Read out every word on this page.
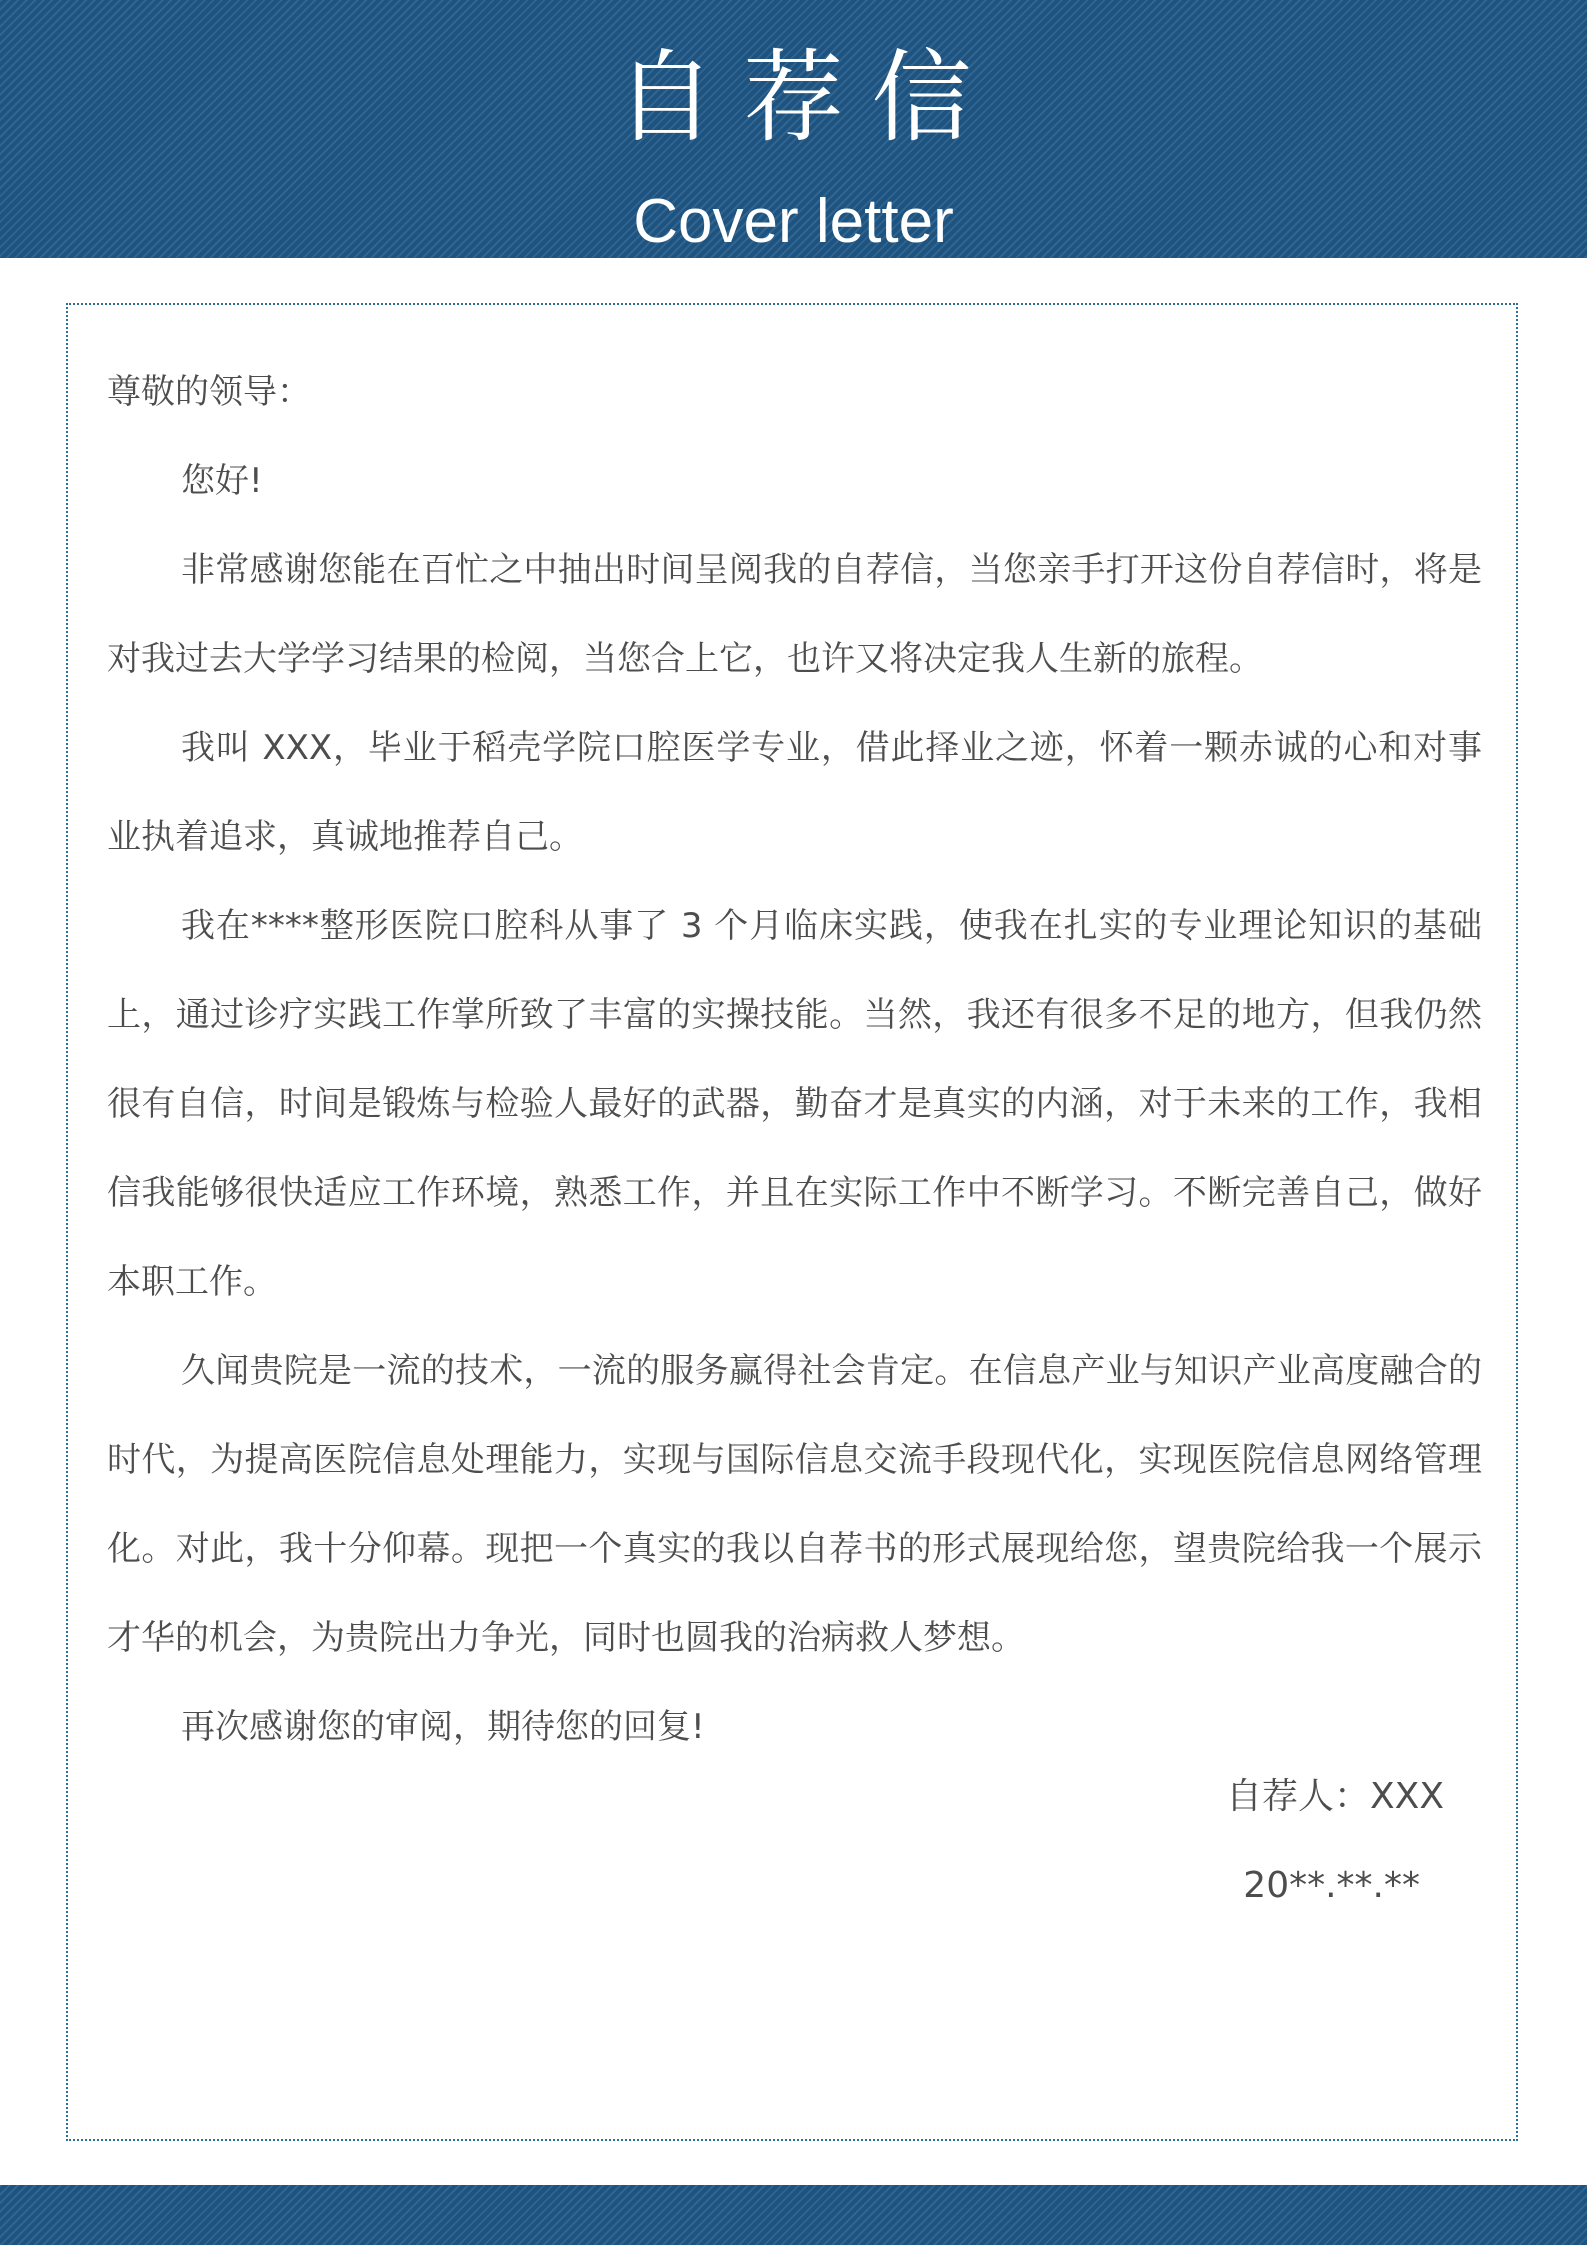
自荐信
Cover letter

尊敬的领导：

您好!

非常感谢您能在百忙之中抽出时间呈阅我的自荐信，当您亲手打开这份自荐信时，将是对我过去大学学习结果的检阅，当您合上它，也许又将决定我人生新的旅程。

我叫 XXX，毕业于稻壳学院口腔医学专业，借此择业之迹，怀着一颗赤诚的心和对事业执着追求，真诚地推荐自己。

我在****整形医院口腔科从事了 3 个月临床实践，使我在扎实的专业理论知识的基础上，通过诊疗实践工作掌所致了丰富的实操技能。当然，我还有很多不足的地方，但我仍然很有自信，时间是锻炼与检验人最好的武器，勤奋才是真实的内涵，对于未来的工作，我相信我能够很快适应工作环境，熟悉工作，并且在实际工作中不断学习。不断完善自己，做好本职工作。

久闻贵院是一流的技术，一流的服务赢得社会肯定。在信息产业与知识产业高度融合的时代，为提高医院信息处理能力，实现与国际信息交流手段现代化，实现医院信息网络管理化。对此，我十分仰幕。现把一个真实的我以自荐书的形式展现给您，望贵院给我一个展示才华的机会，为贵院出力争光，同时也圆我的治病救人梦想。

再次感谢您的审阅，期待您的回复!

自荐人：XXX
20**.**.**
